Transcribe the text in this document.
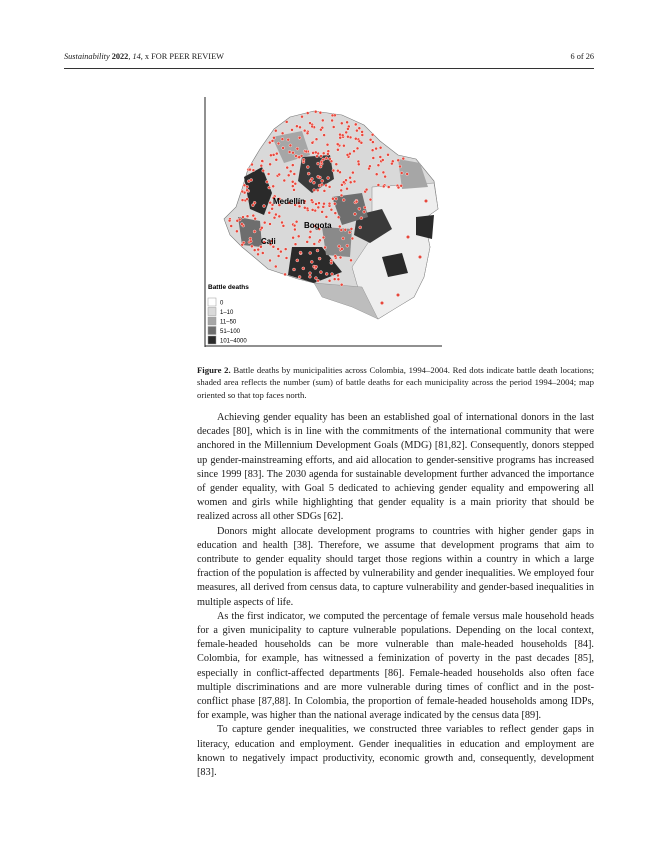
Sustainability 2022, 14, x FOR PEER REVIEW	6 of 26
Medellín
Bogota
Cali
Battle deaths
0
1–10
11–50
51–100
101–4000
Figure 2. Battle deaths by municipalities across Colombia, 1994–2004. Red dots indicate battle death locations; shaded area reflects the number (sum) of battle deaths for each municipality across the period 1994–2004; map oriented so that top faces north.

Achieving gender equality has been an established goal of international donors in the last decades [80], which is in line with the commitments of the international community that were anchored in the Millennium Development Goals (MDG) [81,82]. Consequently, donors stepped up gender-mainstreaming efforts, and aid allocation to gender-sensitive programs has increased since 1999 [83]. The 2030 agenda for sustainable development further advanced the importance of gender equality, with Goal 5 dedicated to achieving gender equality and empowering all women and girls while highlighting that gender equality is a main priority that should be realized across all other SDGs [62].

Donors might allocate development programs to countries with higher gender gaps in education and health [38]. Therefore, we assume that development programs that aim to contribute to gender equality should target those regions within a country in which a large fraction of the population is affected by vulnerability and gender inequalities. We employed four measures, all derived from census data, to capture vulnerability and gender-based inequalities in multiple aspects of life.

As the first indicator, we computed the percentage of female versus male household heads for a given municipality to capture vulnerable populations. Depending on the local context, female-headed households can be more vulnerable than male-headed households [84]. Colombia, for example, has witnessed a feminization of poverty in the past decades [85], especially in conflict-affected departments [86]. Female-headed households also often face multiple discriminations and are more vulnerable during times of conflict and in the post-conflict phase [87,88]. In Colombia, the proportion of female-headed households among IDPs, for example, was higher than the national average indicated by the census data [89].

To capture gender inequalities, we constructed three variables to reflect gender gaps in literacy, education and employment. Gender inequalities in education and employment are known to negatively impact productivity, economic growth and, consequently, development [83].
